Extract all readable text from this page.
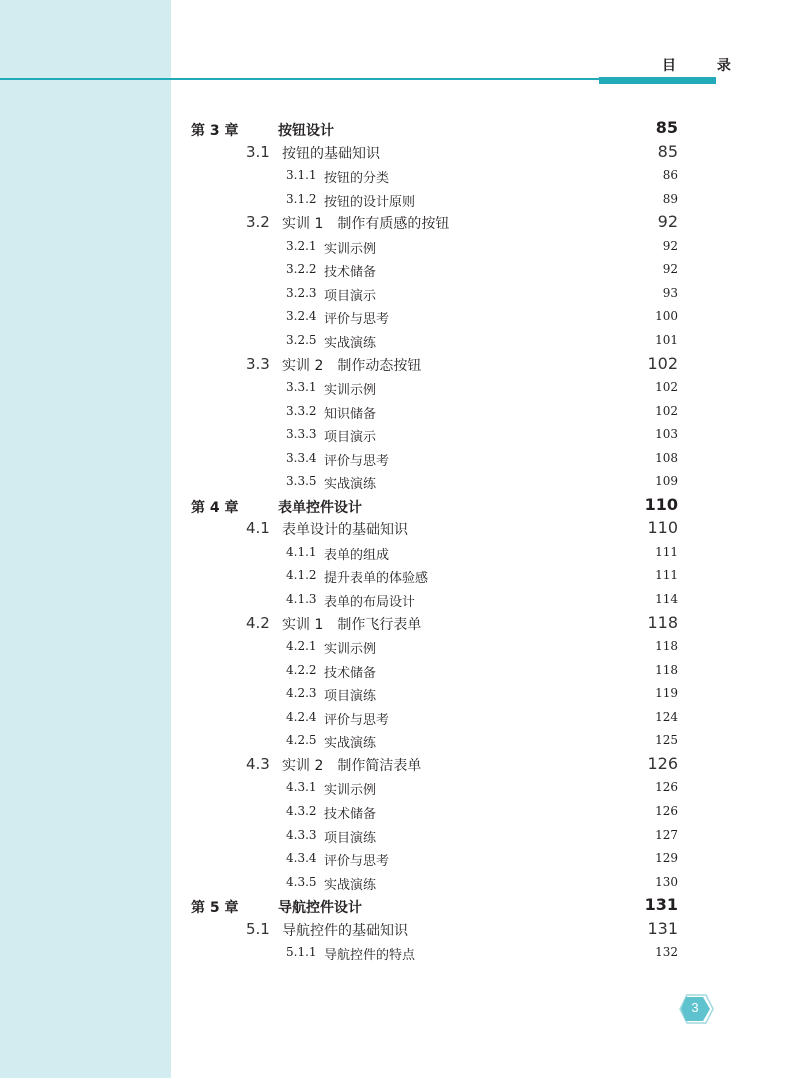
目 录
第 3 章	按钮设计	85
3.1 按钮的基础知识	85
3.1.1 按钮的分类	86
3.1.2 按钮的设计原则	89
3.2 实训 1　制作有质感的按钮	92
3.2.1 实训示例	92
3.2.2 技术储备	92
3.2.3 项目演示	93
3.2.4 评价与思考	100
3.2.5 实战演练	101
3.3 实训 2　制作动态按钮	102
3.3.1 实训示例	102
3.3.2 知识储备	102
3.3.3 项目演示	103
3.3.4 评价与思考	108
3.3.5 实战演练	109
第 4 章	表单控件设计	110
4.1 表单设计的基础知识	110
4.1.1 表单的组成	111
4.1.2 提升表单的体验感	111
4.1.3 表单的布局设计	114
4.2 实训 1　制作飞行表单	118
4.2.1 实训示例	118
4.2.2 技术储备	118
4.2.3 项目演练	119
4.2.4 评价与思考	124
4.2.5 实战演练	125
4.3 实训 2　制作简洁表单	126
4.3.1 实训示例	126
4.3.2 技术储备	126
4.3.3 项目演练	127
4.3.4 评价与思考	129
4.3.5 实战演练	130
第 5 章	导航控件设计	131
5.1 导航控件的基础知识	131
5.1.1 导航控件的特点	132
3
